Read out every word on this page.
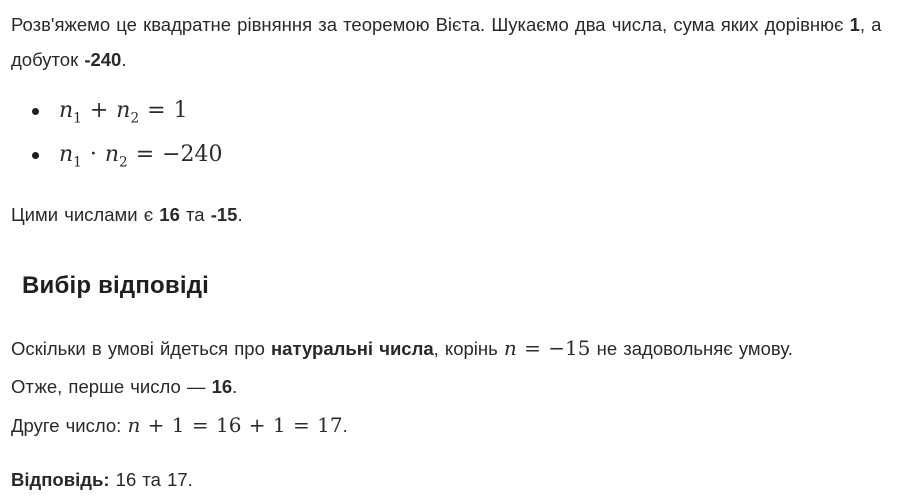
Розв'яжемо це квадратне рівняння за теоремою Вієта. Шукаємо два числа, сума яких дорівнює 1, а добуток -240.

$n_1 + n_2 = 1$
$n_1 \cdot n_2 = -240$

Цими числами є 16 та -15.

Вибір відповіді

Оскільки в умові йдеться про натуральні числа, корінь n = −15 не задовольняє умову.

Отже, перше число — 16.

Друге число: n + 1 = 16 + 1 = 17.

Відповідь: 16 та 17.
